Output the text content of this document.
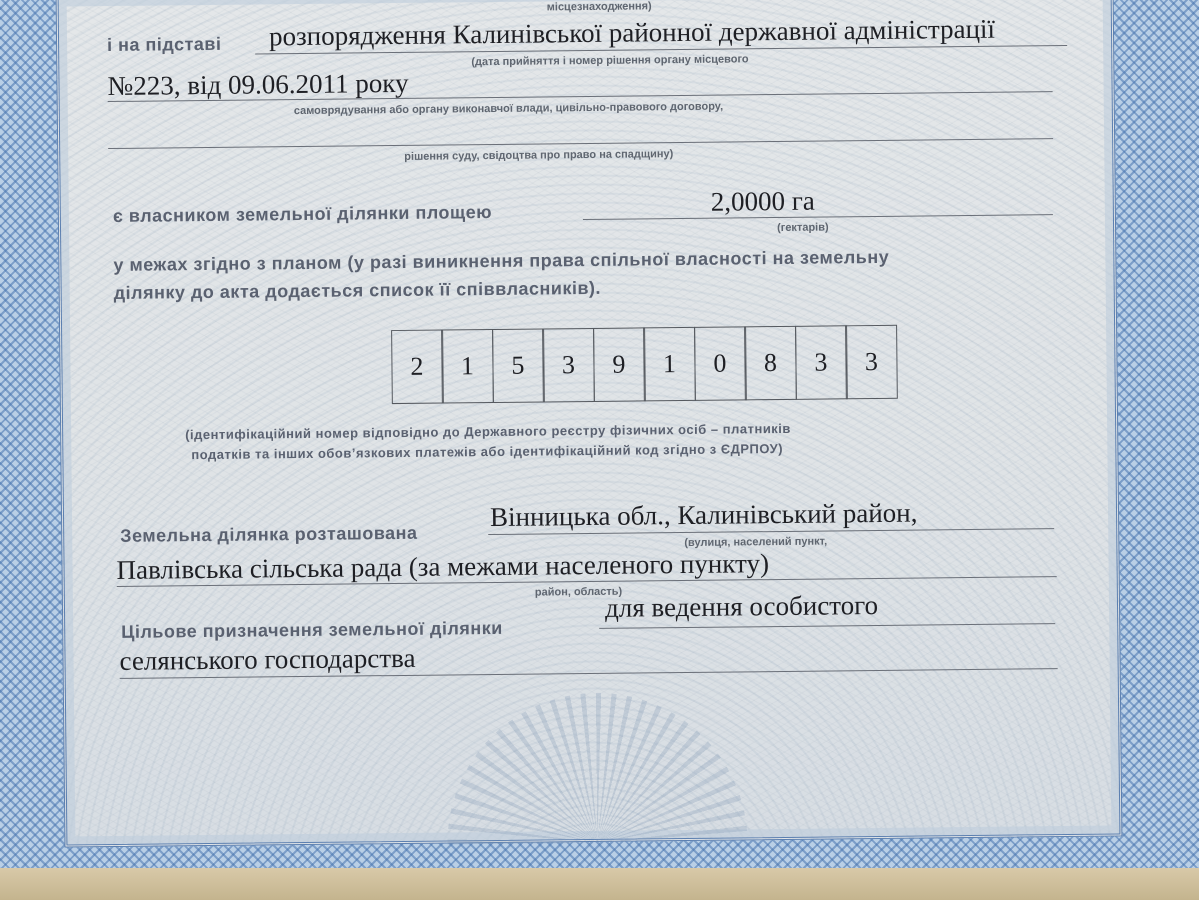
місцезнаходження)
і на підставі розпорядження Калинівської районної державної адміністрації
(дата прийняття і номер рішення органу місцевого
№223, від 09.06.2011 року
самоврядування або органу виконавчої влади, цивільно-правового договору,
рішення суду, свідоцтва про право на спадщину)
є власником земельної ділянки площею	2,0000 га
(гектарів)
у межах згідно з планом (у разі виникнення права спільної власності на земельну
ділянку до акта додається список її співвласників).
2	1	5	3	9	1	0	8	3	3
(ідентифікаційний номер відповідно до Державного реєстру фізичних осіб – платників
податків та інших обов’язкових платежів або ідентифікаційний код згідно з ЄДРПОУ)
Земельна ділянка розташована
Вінницька обл., Калинівський район,
(вулиця, населений пункт,
Павлівська сільська рада (за межами населеного пункту)
район, область)
Цільове призначення земельної ділянки
для ведення особистого
селянського господарства
